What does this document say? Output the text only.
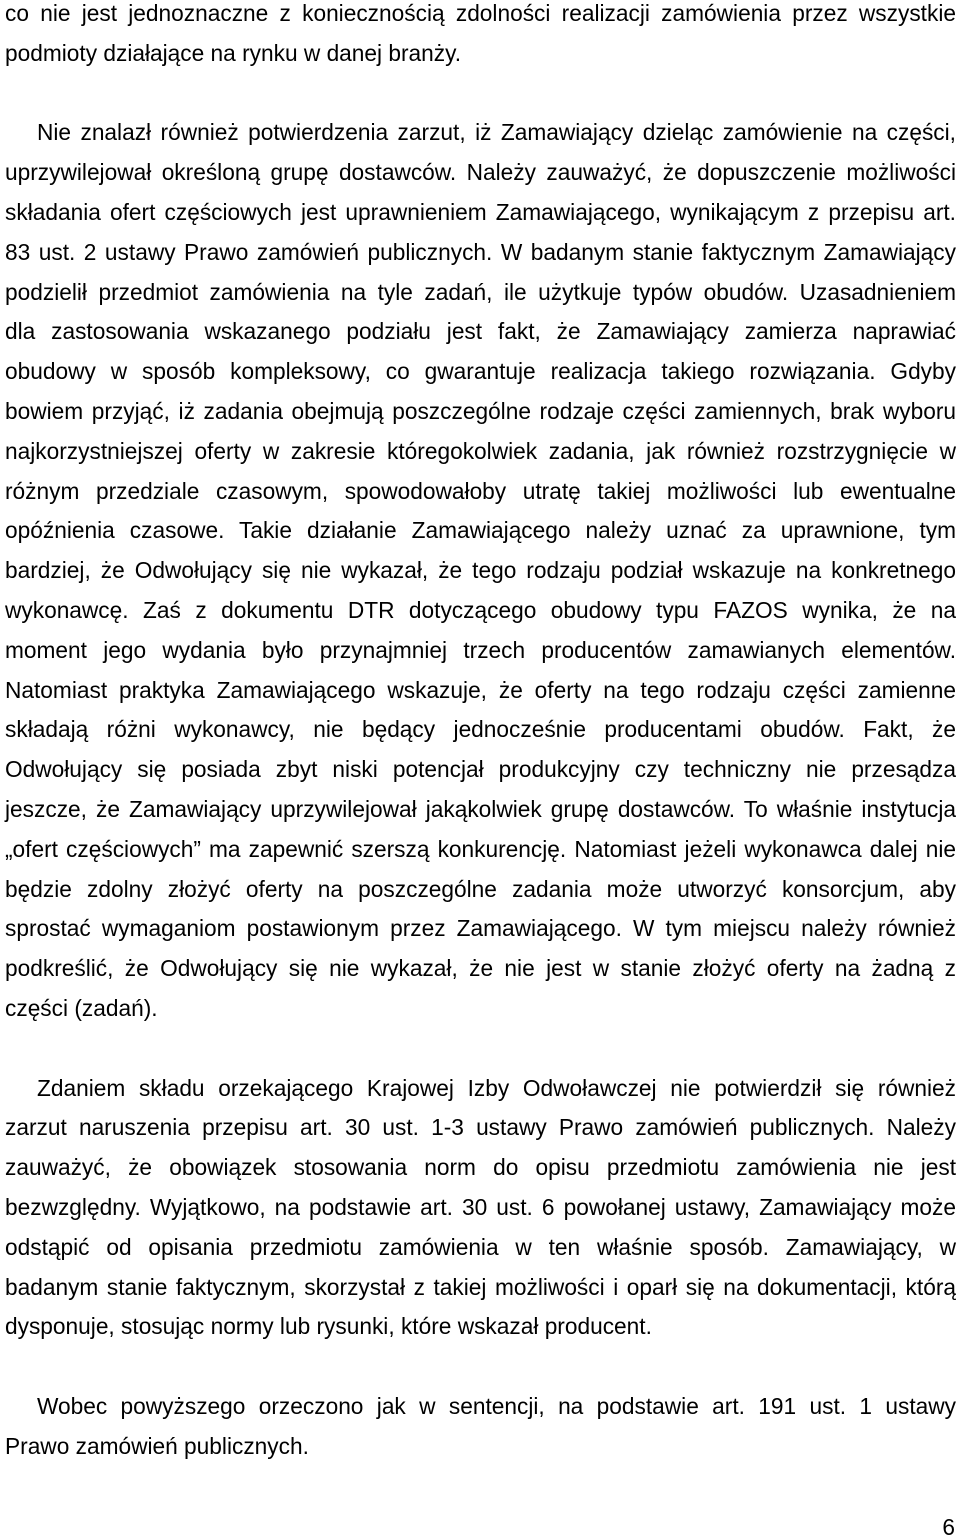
co nie jest jednoznaczne z koniecznością zdolności realizacji zamówienia przez wszystkie
podmioty działające na rynku w danej branży.
Nie znalazł również potwierdzenia zarzut, iż Zamawiający dzieląc zamówienie na części,
uprzywilejował określoną grupę dostawców. Należy zauważyć, że dopuszczenie możliwości
składania ofert częściowych jest uprawnieniem Zamawiającego, wynikającym z przepisu art.
83 ust. 2 ustawy Prawo zamówień publicznych. W badanym stanie faktycznym Zamawiający
podzielił przedmiot zamówienia na tyle zadań, ile użytkuje typów obudów. Uzasadnieniem
dla zastosowania wskazanego podziału jest fakt, że Zamawiający zamierza naprawiać
obudowy w sposób kompleksowy, co gwarantuje realizacja takiego rozwiązania. Gdyby
bowiem przyjąć, iż zadania obejmują poszczególne rodzaje części zamiennych, brak wyboru
najkorzystniejszej oferty w zakresie któregokolwiek zadania, jak również rozstrzygnięcie w
różnym przedziale czasowym, spowodowałoby utratę takiej możliwości lub ewentualne
opóźnienia czasowe. Takie działanie Zamawiającego należy uznać za uprawnione, tym
bardziej, że Odwołujący się nie wykazał, że tego rodzaju podział wskazuje na konkretnego
wykonawcę. Zaś z dokumentu DTR dotyczącego obudowy typu FAZOS wynika, że na
moment jego wydania było przynajmniej trzech producentów zamawianych elementów.
Natomiast praktyka Zamawiającego wskazuje, że oferty na tego rodzaju części zamienne
składają różni wykonawcy, nie będący jednocześnie producentami obudów. Fakt, że
Odwołujący się posiada zbyt niski potencjał produkcyjny czy techniczny nie przesądza
jeszcze, że Zamawiający uprzywilejował jakąkolwiek grupę dostawców. To właśnie instytucja
„ofert częściowych” ma zapewnić szerszą konkurencję. Natomiast jeżeli wykonawca dalej nie
będzie zdolny złożyć oferty na poszczególne zadania może utworzyć konsorcjum, aby
sprostać wymaganiom postawionym przez Zamawiającego. W tym miejscu należy również
podkreślić, że Odwołujący się nie wykazał, że nie jest w stanie złożyć oferty na żadną z
części (zadań).
Zdaniem składu orzekającego Krajowej Izby Odwoławczej nie potwierdził się również
zarzut naruszenia przepisu art. 30 ust. 1-3 ustawy Prawo zamówień publicznych. Należy
zauważyć, że obowiązek stosowania norm do opisu przedmiotu zamówienia nie jest
bezwzględny. Wyjątkowo, na podstawie art. 30 ust. 6 powołanej ustawy, Zamawiający może
odstąpić od opisania przedmiotu zamówienia w ten właśnie sposób. Zamawiający, w
badanym stanie faktycznym, skorzystał z takiej możliwości i oparł się na dokumentacji, którą
dysponuje, stosując normy lub rysunki, które wskazał producent.
Wobec powyższego orzeczono jak w sentencji, na podstawie art. 191 ust. 1 ustawy
Prawo zamówień publicznych.
6
